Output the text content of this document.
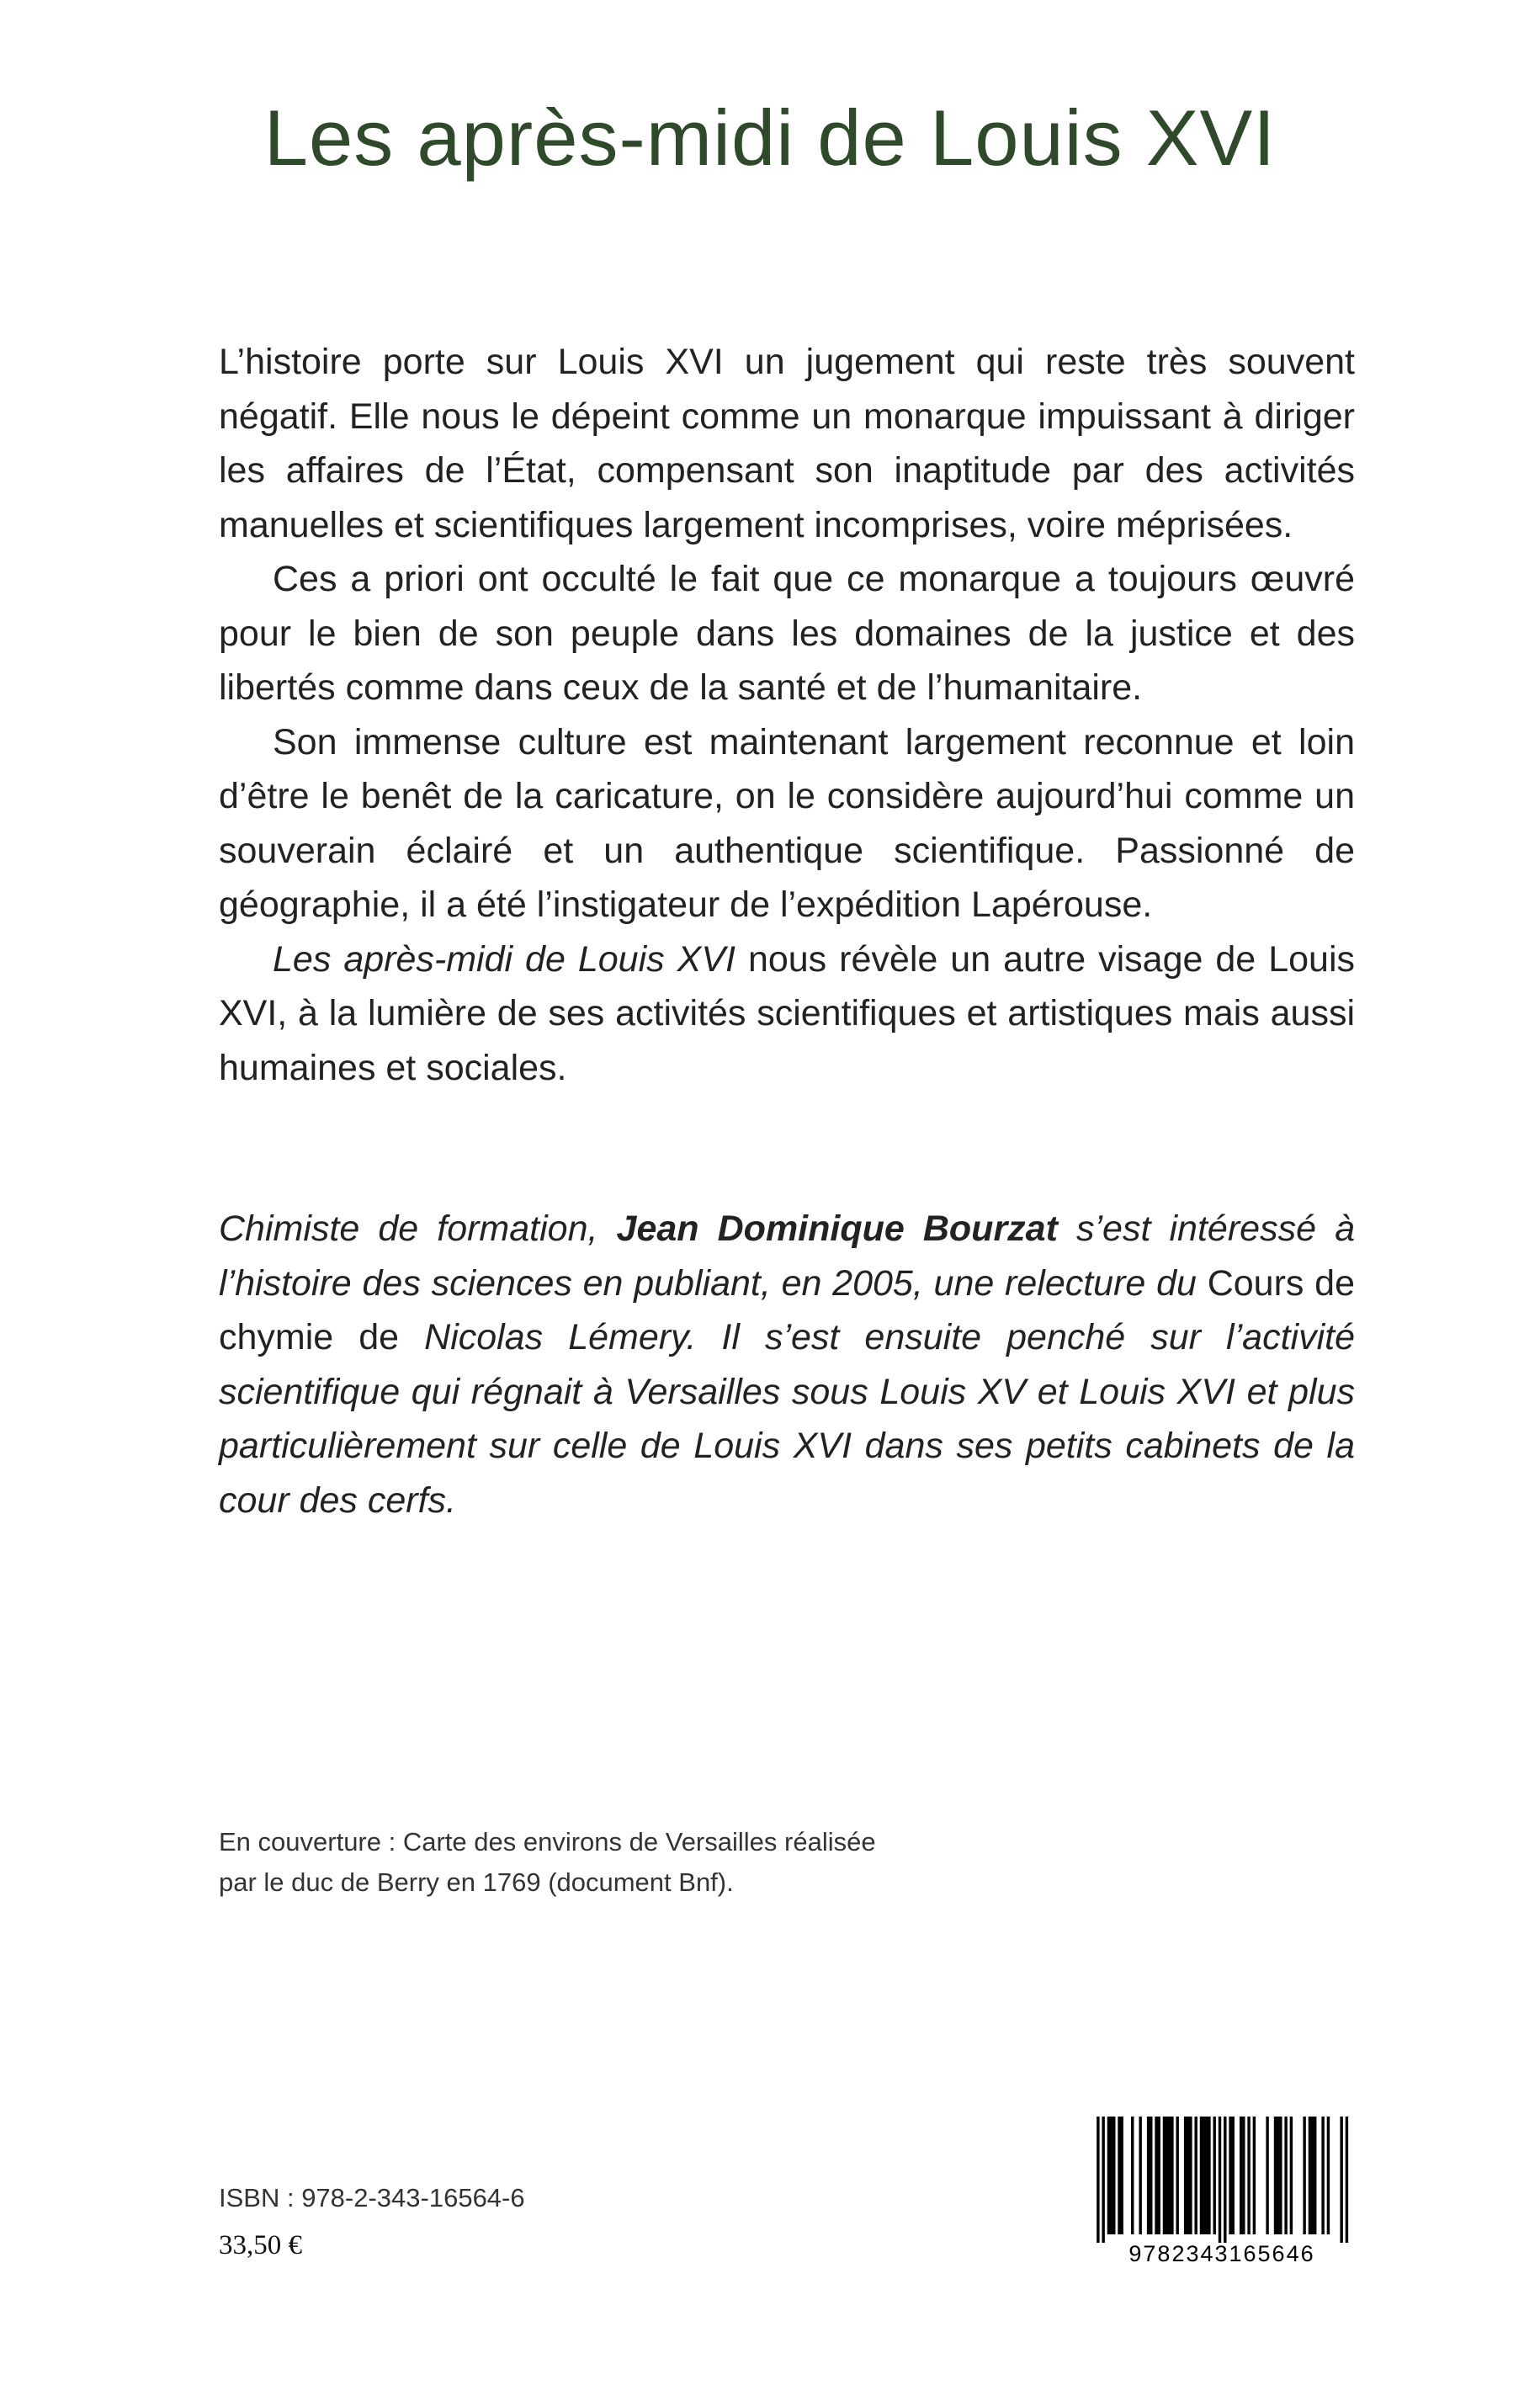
Les après-midi de Louis XVI

L’histoire porte sur Louis XVI un jugement qui reste très souvent négatif. Elle nous le dépeint comme un monarque impuissant à diriger les affaires de l’État, compensant son inaptitude par des activités manuelles et scientifiques largement incomprises, voire méprisées.

Ces a priori ont occulté le fait que ce monarque a toujours œuvré pour le bien de son peuple dans les domaines de la justice et des libertés comme dans ceux de la santé et de l’humanitaire.

Son immense culture est maintenant largement reconnue et loin d’être le benêt de la caricature, on le considère aujourd’hui comme un souverain éclairé et un authentique scientifique. Passionné de géographie, il a été l’instigateur de l’expédition Lapérouse.

Les après-midi de Louis XVI nous révèle un autre visage de Louis XVI, à la lumière de ses activités scientifiques et artistiques mais aussi humaines et sociales.

Chimiste de formation, Jean Dominique Bourzat s’est intéressé à l’histoire des sciences en publiant, en 2005, une relecture du Cours de chymie de Nicolas Lémery. Il s’est ensuite penché sur l’activité scientifique qui régnait à Versailles sous Louis XV et Louis XVI et plus particulièrement sur celle de Louis XVI dans ses petits cabinets de la cour des cerfs.
En couverture : Carte des environs de Versailles réalisée
par le duc de Berry en 1769 (document Bnf).
ISBN : 978-2-343-16564-6
33,50 €	9782343165646
